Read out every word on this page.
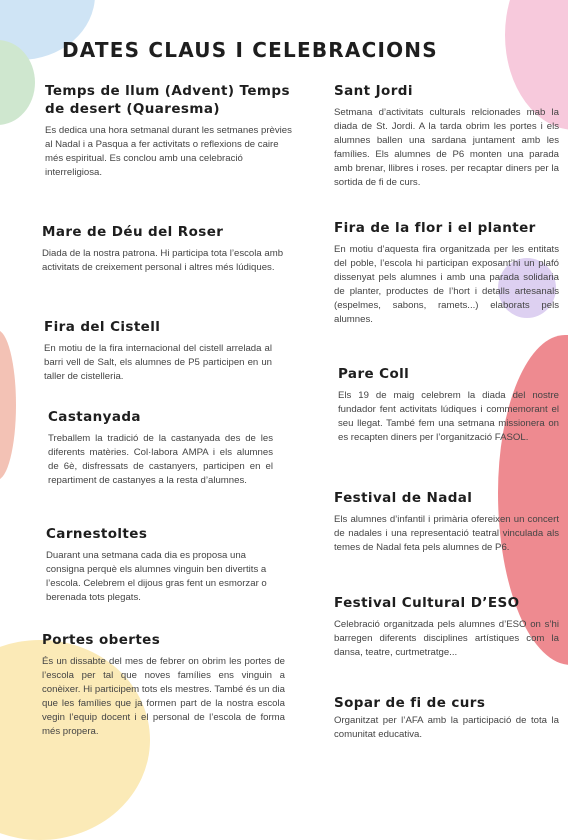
DATES CLAUS I CELEBRACIONS
Temps de llum (Advent) Temps de desert (Quaresma)

Es dedica una hora setmanal durant les setmanes prèvies al Nadal i a Pasqua a fer activitats o reflexions de caire més espiritual. Es conclou amb una celebració interreligiosa.

Mare de Déu del Roser

Diada de la nostra patrona. Hi participa tota l’escola amb activitats de creixement personal i altres més lúdiques.

Fira del Cistell

En motiu de la fira internacional del cistell arrelada al barri vell de Salt, els alumnes de P5 participen en un taller de cistelleria.

Castanyada

Treballem la tradició de la castanyada des de les diferents matèries. Col·labora AMPA i els alumnes de 6è, disfressats de castanyers, participen en el repartiment de castanyes a la resta d’alumnes.

Carnestoltes

Duarant una setmana cada dia es proposa una consigna perquè els alumnes vinguin ben divertits a l’escola. Celebrem el dijous gras fent un esmorzar o berenada tots plegats.

Portes obertes

És un dissabte del mes de febrer on obrim les portes de l’escola per tal que noves famílies ens vinguin a conèixer. Hi participem tots els mestres. També és un dia que les famílies que ja formen part de la nostra escola vegin l’equip docent i el personal de l’escola de forma més propera.

Sant Jordi

Setmana d’activitats culturals relcionades mab la diada de St. Jordi. A la tarda obrim les portes i els alumnes ballen una sardana juntament amb les famílies. Els alumnes de P6 monten una parada amb brenar, llibres i roses. per recaptar diners per la sortida de fi de curs.

Fira de la flor i el planter

En motiu d’aquesta fira organitzada per les entitats del poble, l’escola hi participan exposant’hi un plafó dissenyat pels alumnes i amb una parada solidaria de planter, productes de l’hort i detalls artesanals (espelmes, sabons, ramets...) elaborats pels alumnes.

Pare Coll

Els 19 de maig celebrem la diada del nostre fundador fent activitats lúdiques i commemorant el seu llegat. També fem una setmana missionera on es recapten diners per l’organització FASOL.

Festival de Nadal

Els alumnes d’infantil i primària ofereixen un concert de nadales i una representació teatral vinculada als temes de Nadal feta pels alumnes de P6.

Festival Cultural D’ESO

Celebració organitzada pels alumnes d’ESO on s’hi barregen diferents disciplines artístiques com la dansa, teatre, curtmetratge...

Sopar de fi de curs

Organitzat per l’AFA amb la participació de tota la comunitat educativa.
